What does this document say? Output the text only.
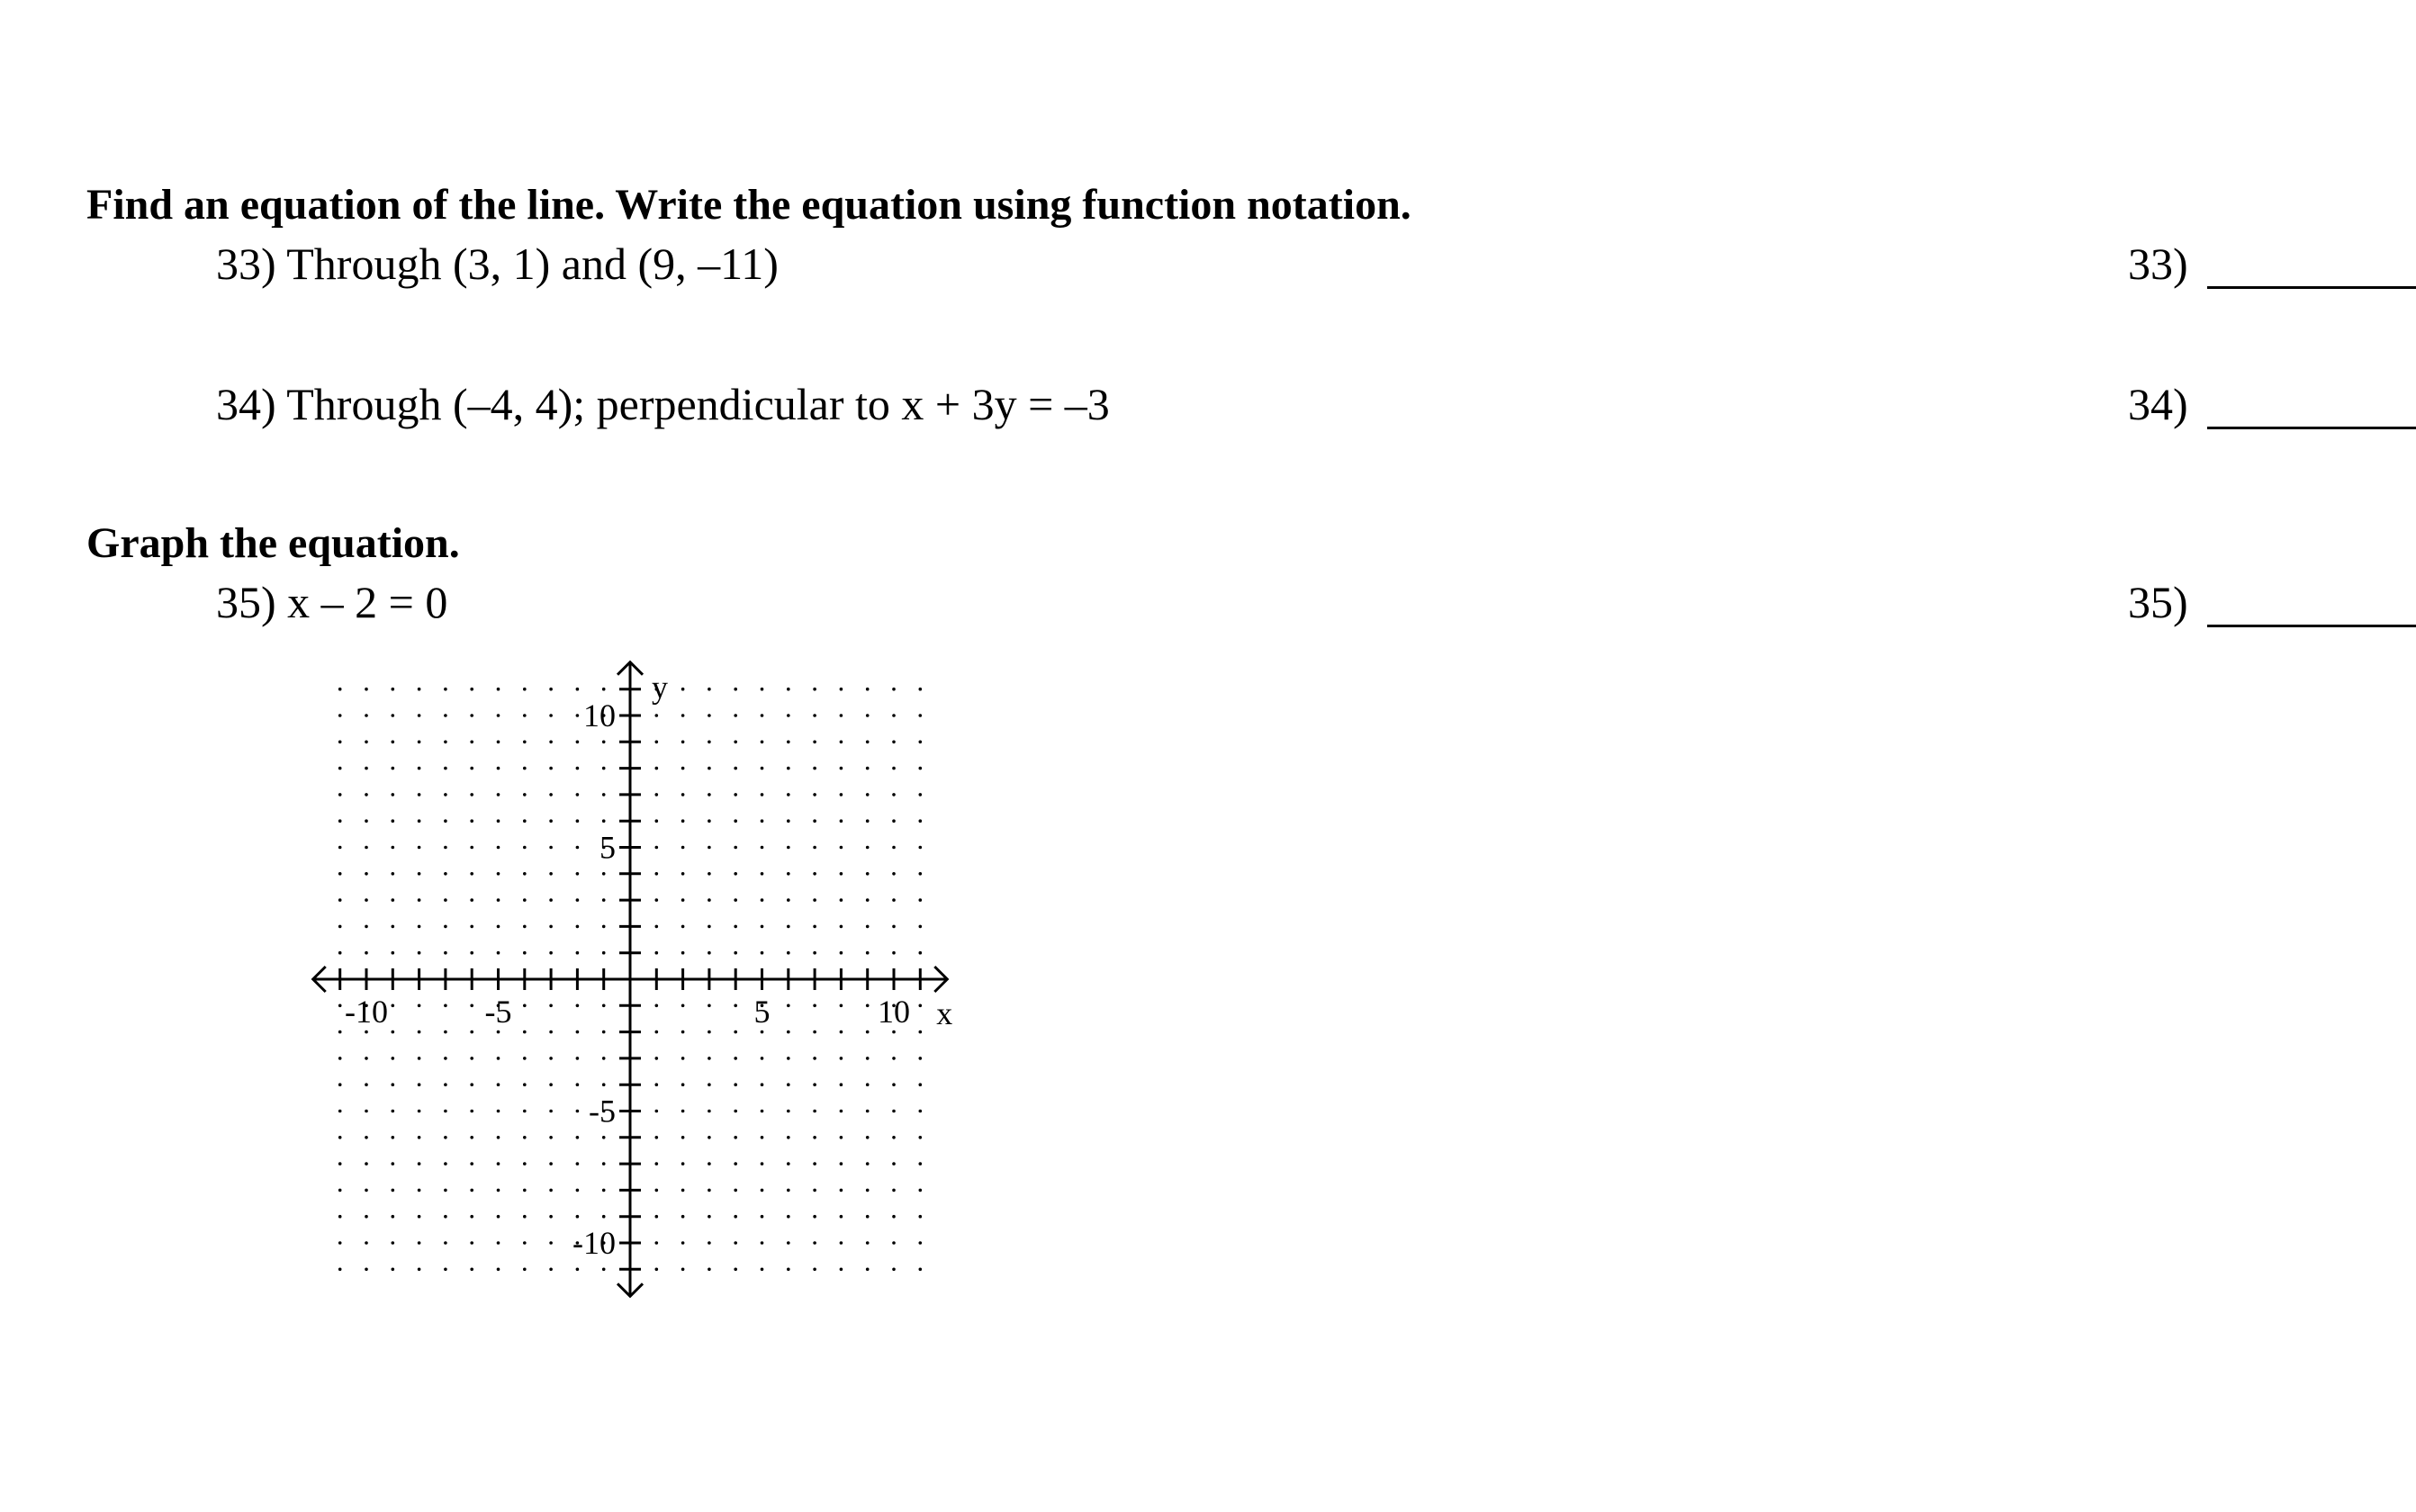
Find an equation of the line. Write the equation using function notation.
33) Through (3, 1) and (9, –11)	33)
34) Through (–4, 4); perpendicular to x + 3y = –3	34)
Graph the equation.
35) x – 2 = 0	35)
-10	-5	5	10
10
5
-5
-10
x
y
